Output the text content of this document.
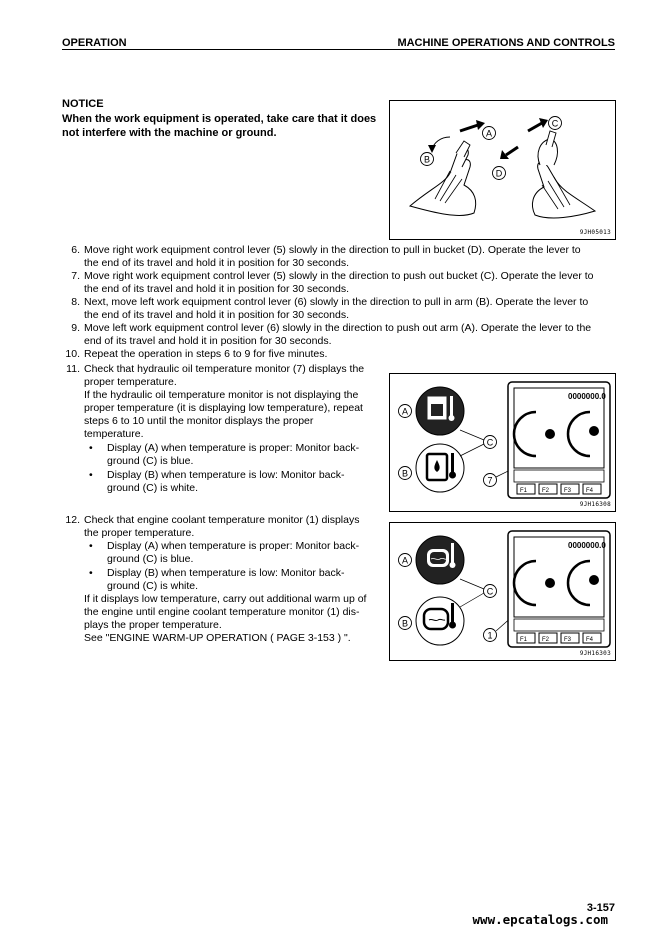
OPERATION	MACHINE OPERATIONS AND CONTROLS
NOTICE
When the work equipment is operated, take care that it does
not interfere with the machine or ground.	A
B
C
D
9JH05013
6. Move right work equipment control lever (5) slowly in the direction to pull in bucket (D). Operate the lever to
the end of its travel and hold it in position for 30 seconds.
7. Move right work equipment control lever (5) slowly in the direction to push out bucket (C). Operate the lever to
the end of its travel and hold it in position for 30 seconds.
8. Next, move left work equipment control lever (6) slowly in the direction to pull in arm (B). Operate the lever to
the end of its travel and hold it in position for 30 seconds.
9. Move left work equipment control lever (6) slowly in the direction to push out arm (A). Operate the lever to the
end of its travel and hold it in position for 30 seconds.
10. Repeat the operation in steps 6 to 9 for five minutes.
11. Check that hydraulic oil temperature monitor (7) displays the
proper temperature.
If the hydraulic oil temperature monitor is not displaying the
proper temperature (it is displaying low temperature), repeat
steps 6 to 10 until the monitor displays the proper
temperature.
• Display (A) when temperature is proper: Monitor back-
ground (C) is blue.
• Display (B) when temperature is low: Monitor back-
ground (C) is white.
A
B
C
7
0000000.0
F1 F2 F3 F4
9JH16308
12. Check that engine coolant temperature monitor (1) displays
the proper temperature.
• Display (A) when temperature is proper: Monitor back-
ground (C) is blue.
• Display (B) when temperature is low: Monitor back-
ground (C) is white.
If it displays low temperature, carry out additional warm up of
the engine until engine coolant temperature monitor (1) dis-
plays the proper temperature.
See "ENGINE WARM-UP OPERATION ( PAGE 3-153 ) ".
A
B
C
1
0000000.0
F1 F2 F3 F4
9JH16303
3-157
www.epcatalogs.com
